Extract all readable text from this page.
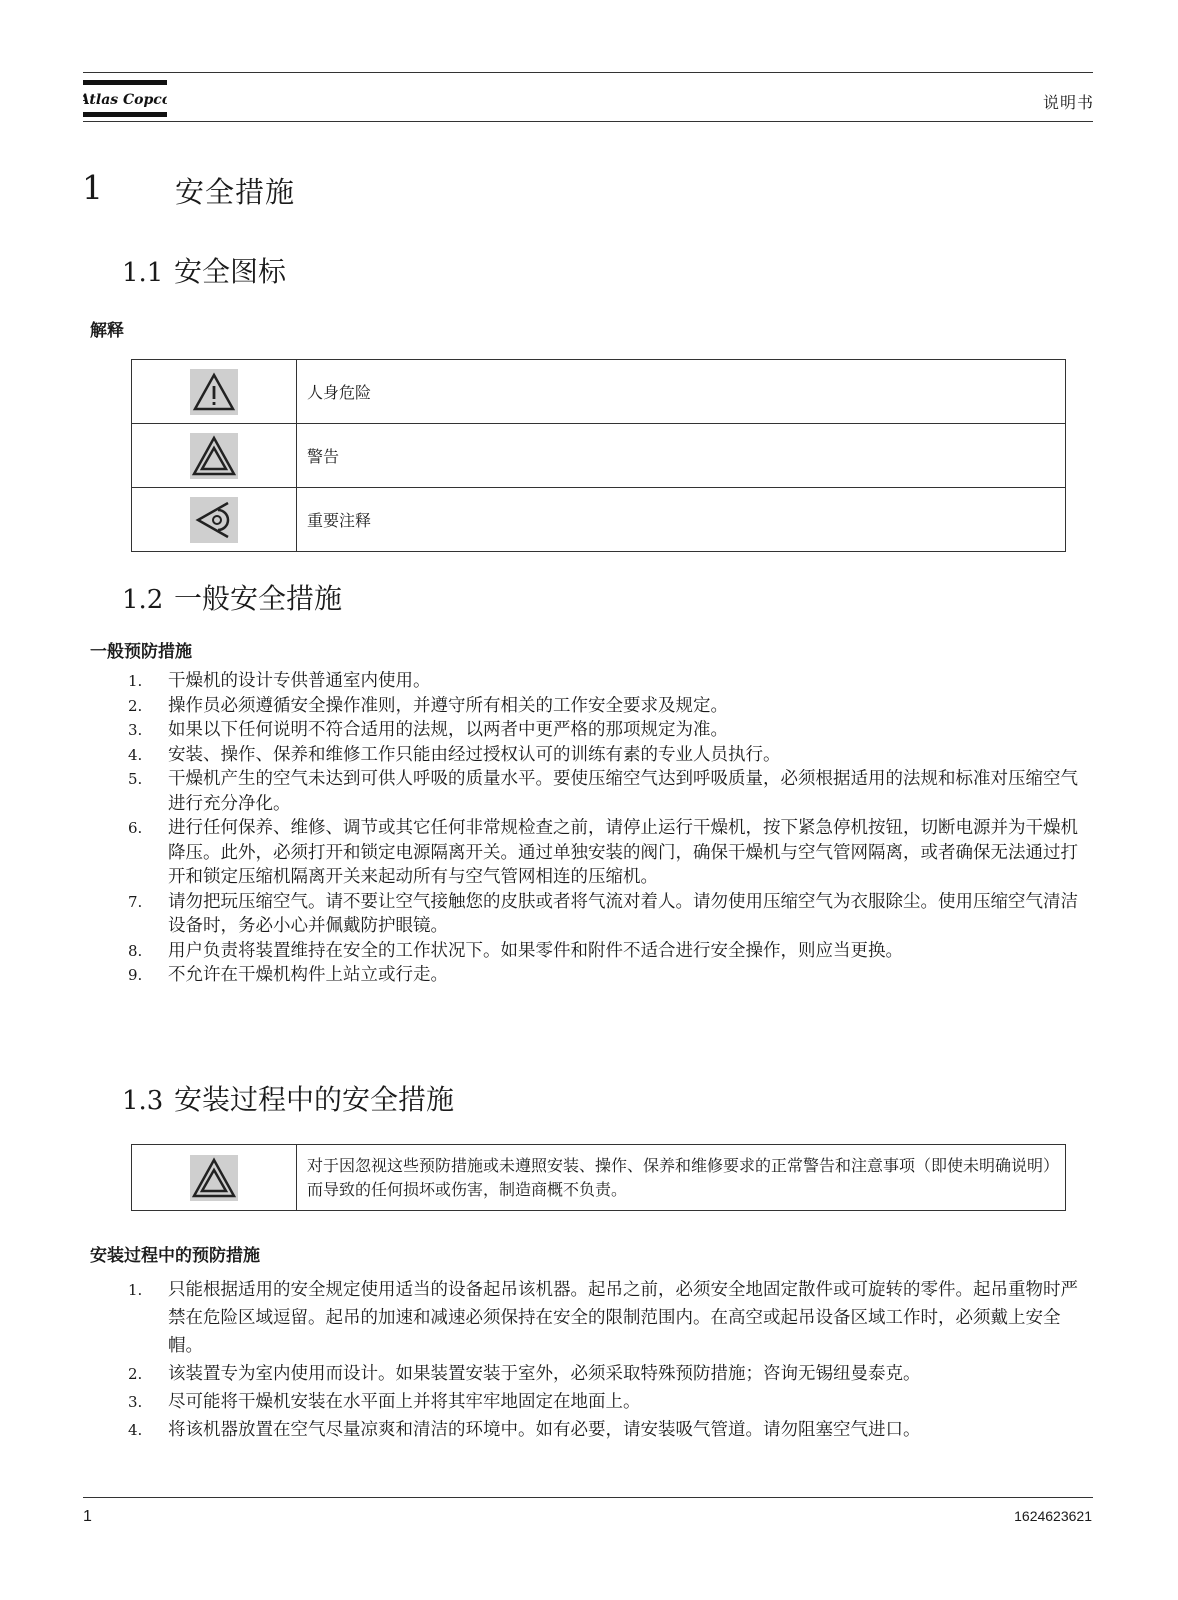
Atlas Copco	说明书
1 安全措施
1.1 安全图标
解释
	人身危险

	警告

	重要注释
1.2 一般安全措施
一般预防措施
1. 干燥机的设计专供普通室内使用。
2. 操作员必须遵循安全操作准则，并遵守所有相关的工作安全要求及规定。
3. 如果以下任何说明不符合适用的法规，以两者中更严格的那项规定为准。
4. 安装、操作、保养和维修工作只能由经过授权认可的训练有素的专业人员执行。
5. 干燥机产生的空气未达到可供人呼吸的质量水平。要使压缩空气达到呼吸质量，必须根据适用的法规和标准对压缩空气进行充分净化。
6. 进行任何保养、维修、调节或其它任何非常规检查之前，请停止运行干燥机，按下紧急停机按钮，切断电源并为干燥机降压。此外，必须打开和锁定电源隔离开关。通过单独安装的阀门，确保干燥机与空气管网隔离，或者确保无法通过打开和锁定压缩机隔离开关来起动所有与空气管网相连的压缩机。
7. 请勿把玩压缩空气。请不要让空气接触您的皮肤或者将气流对着人。请勿使用压缩空气为衣服除尘。使用压缩空气清洁设备时，务必小心并佩戴防护眼镜。
8. 用户负责将装置维持在安全的工作状况下。如果零件和附件不适合进行安全操作，则应当更换。
9. 不允许在干燥机构件上站立或行走。
1.3 安装过程中的安全措施
	对于因忽视这些预防措施或未遵照安装、操作、保养和维修要求的正常警告和注意事项（即使未明确说明）而导致的任何损坏或伤害，制造商概不负责。
安装过程中的预防措施
1. 只能根据适用的安全规定使用适当的设备起吊该机器。起吊之前，必须安全地固定散件或可旋转的零件。起吊重物时严禁在危险区域逗留。起吊的加速和减速必须保持在安全的限制范围内。在高空或起吊设备区域工作时，必须戴上安全帽。
2. 该装置专为室内使用而设计。如果装置安装于室外，必须采取特殊预防措施；咨询无锡纽曼泰克。
3. 尽可能将干燥机安装在水平面上并将其牢牢地固定在地面上。
4. 将该机器放置在空气尽量凉爽和清洁的环境中。如有必要，请安装吸气管道。请勿阻塞空气进口。
1	1624623621
